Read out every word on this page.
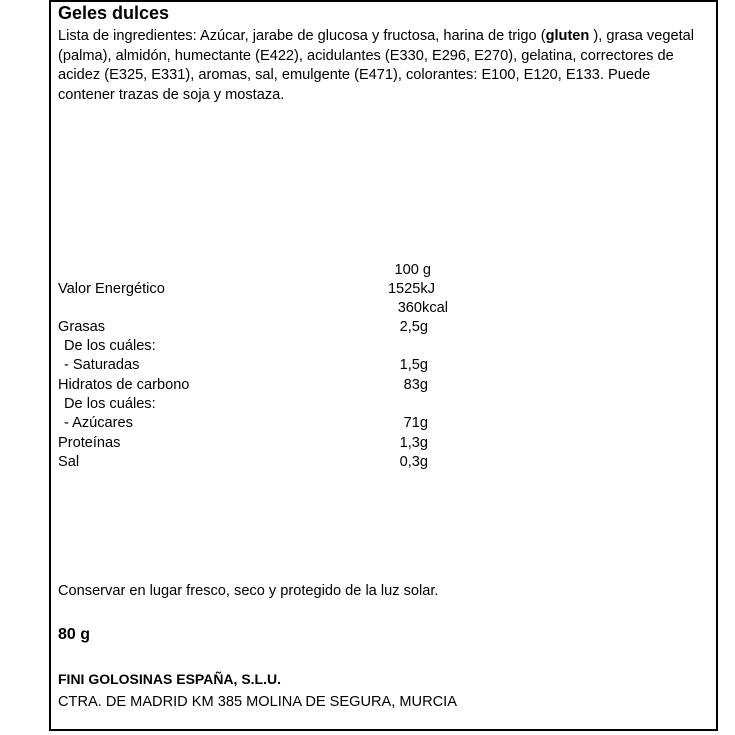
Geles dulces
Lista de ingredientes: Azúcar, jarabe de glucosa y fructosa, harina de trigo (gluten ), grasa vegetal (palma), almidón, humectante (E422), acidulantes (E330, E296, E270), gelatina, correctores de acidez (E325, E331), aromas, sal, emulgente (E471), colorantes: E100, E120, E133. Puede contener trazas de soja y mostaza.
100 g
Valor Energético	1525kJ
360kcal
Grasas	2,5g
De los cuáles:
- Saturadas	1,5g
Hidratos de carbono	83g
De los cuáles:
- Azúcares	71g
Proteínas	1,3g
Sal	0,3g
Conservar en lugar fresco, seco y protegido de la luz solar.
80 g
FINI GOLOSINAS ESPAÑA, S.L.U.
CTRA. DE MADRID KM 385 MOLINA DE SEGURA, MURCIA
